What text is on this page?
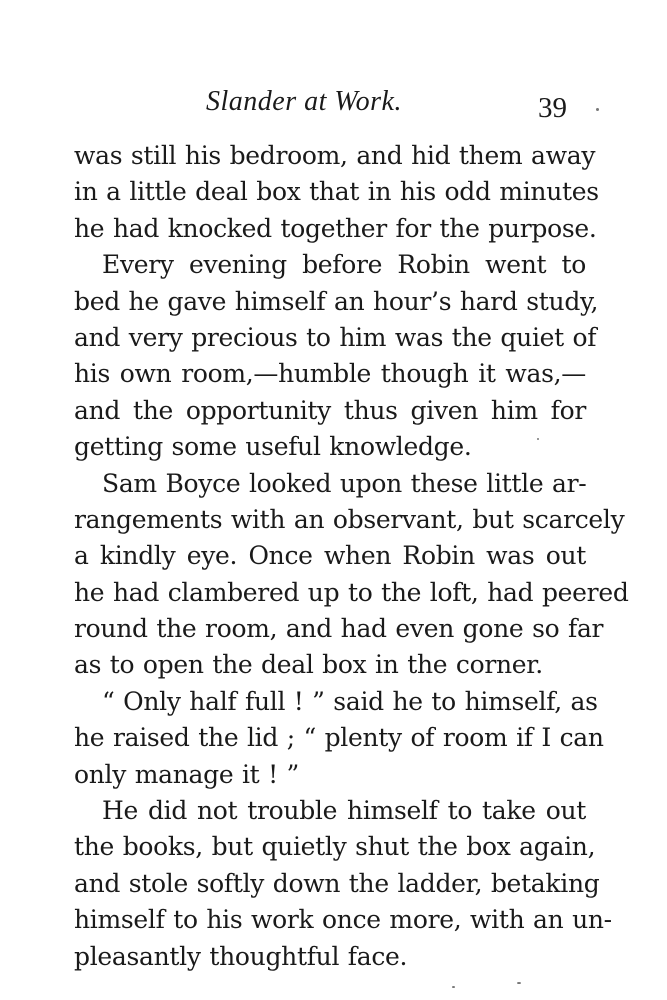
Slander at Work.	39
was still his bedroom, and hid them away
in a little deal box that in his odd minutes
he had knocked together for the purpose.
Every evening before Robin went to
bed he gave himself an hour’s hard study,
and very precious to him was the quiet of
his own room,—humble though it was,—
and the opportunity thus given him for
getting some useful knowledge.
Sam Boyce looked upon these little ar-
rangements with an observant, but scarcely
a kindly eye. Once when Robin was out
he had clambered up to the loft, had peered
round the room, and had even gone so far
as to open the deal box in the corner.
“ Only half full ! ” said he to himself, as
he raised the lid ; “ plenty of room if I can
only manage it ! ”
He did not trouble himself to take out
the books, but quietly shut the box again,
and stole softly down the ladder, betaking
himself to his work once more, with an un-
pleasantly thoughtful face.
